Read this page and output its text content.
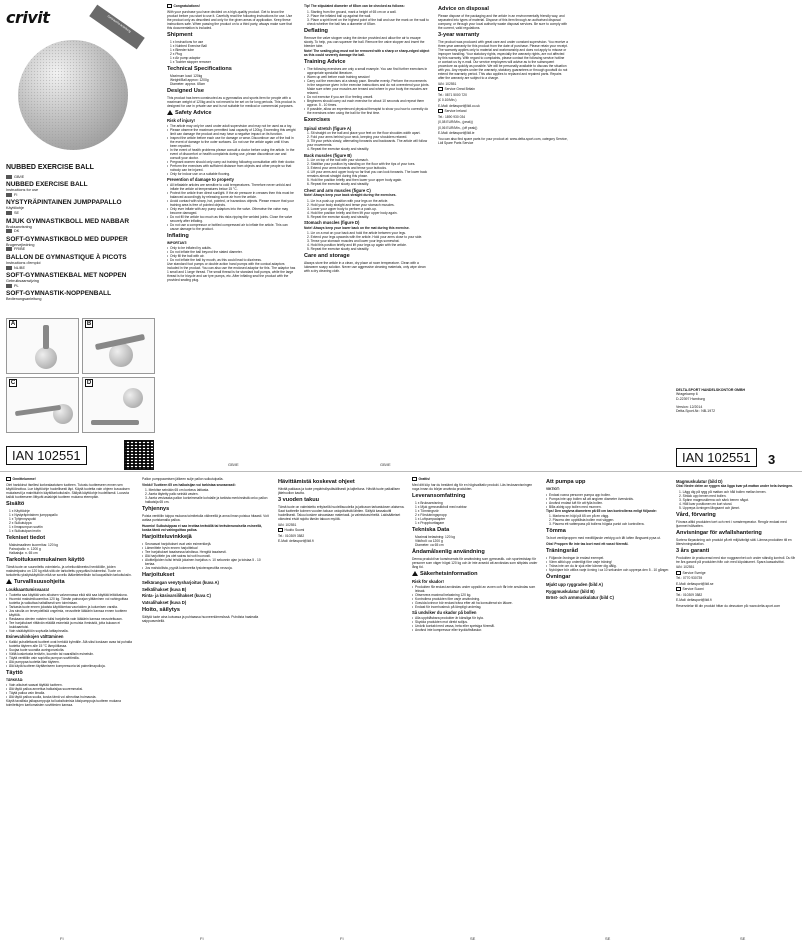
crivit	Gebrauchs-anleitung
NUBBED EXERCISE BALL
GB/IE
NUBBED EXERCISE BALL
Instructions for use
FI
NYSTYRÄPINTAINEN JUMPPAPALLO
Käyttöohje
SE
MJUK GYMNASTIKBOLL MED NABBAR
Bruksanvisning
DK
SOFT-GYMNASTIKBOLD MED DUPPER
Brugervejledning
FR/BE
BALLON DE GYMNASTIQUE À PICOTS
Instructions d'emploi
NL/BE
SOFT-GYMNASTIEKBAL MET NOPPEN
Gebruiksaanwijzing
PL
SOFT-GYMNASTIK-NOPPENBALL
Bedienungsanleitung
A	B
C	D
IAN 102551

Congratulations!

With your purchase you have decided on a high-quality product. Get to know the product before you start to use it. Carefully read the following instructions for use. Use the product only as described and only for the given areas of application. Keep these instructions safe. When passing the product on to a third party, always make sure that this documentation is included.

Shipment
1 x Instructions for use
1 x Nubbed Exercise Ball
1 x Bleeder tube
2 x Plug
1 x Air pump adaptor
1 x Tochter stopper remover
Technical Specifications
Maximum load: 120kg
Weight/Ball approx: 1200g
Diameter: approx. 65cm
Designed Use

This product has been constructed as a gymnastics and sports item for people with a maximum weight of 120kg and is not meant to be set on for long periods. This product is designed for use in private use and is not suitable for medical or commercial purposes.

Safety Advice
Risk of injury!
• The article may only be used under adult supervision and may not be used as a toy.
• Please observe the maximum permitted load capacity of 120kg. Exceeding this weight limit can damage the product and may have a negative impact on its function.
• Inspect the article before each use for damage or wear. Discontinue use of the ball in the event of damage to the outer surfaces. Do not use the article again until it has been repaired.
• In the event of health problems please consult a doctor before using the article. In the event of discomfort or health complaints during use, please discontinue use and consult your doctor.
• Pregnant women should only carry out training following consultation with their doctor.
• Perform the exercises with sufficient distance from objects and other people so that nobody can be injured.
• Only for indoor use on a suitable flooring.
Prevention of damage to property
• All inflatable articles are sensitive to cold temperatures. Therefore never unfold and inflate the article at temperatures below 15 °C.
• Protect the article from direct sunlight. If the air pressure in creases then this must be balanced accordingly by releasing some air from the article.
• Avoid contact with sharp, hot, pointed, or hazardous objects. Please ensure that your training area is free of pointed objects.
• Only ever inflate with any pump adaptors into the valve. Otherwise the valve may become damaged.
• Do not fill the article too much as this risks ripping the welded joints. Close the valve securely after inflating.
• Do not use a compressor or bottled compressed air to inflate the article. This can cause damage to the product.
Inflating

IMPORTANT:

• Only to be inflated by adults.
• Do not inflate the ball beyond the stated diameter.
• Only fill the ball with air.
• Do not inflate the ball by mouth, as this could lead to dizziness.

Use standard foot pumps or double action hand pumps with the conical adaptors included in the product. You can also use the enclosed adaptor for this. The adaptor has 1 small and 1 large thread. The small thread is for standard ball pumps, while the large thread is for bicycle and car tyre pumps, etc. After inflating seal the product with the provided sealing plug.

GB/IE

Tip! The stipulated diameter of 65cm can be checked as follows:

1. Starting from the ground, mark a height of 65 cm on a wall.
2. Place the inflated ball up against the wall.
3. Place a spirit level on the highest point of the ball and use the mark on the wall to check whether the ball has a diameter of 65cm.
Deflating

Remove the valve stopper using the device provided and allow the air to escape slowly. To help, you can squeeze the ball. Remove the valve stopper and insert the bleeder tube.

Note! The sealing plug must not be removed with a sharp or sharp-edged object as this could severely damage the ball.

Training Advice
• The following exercises are only a small example. You can find further exercises in appropriate specialist literature.
• Warm up well before each training session!
• Carry out the exercises at a steady pace. Breathe evenly. Perform the movements in the sequence given in the exercise instructions and do not overextend your joints. Make sure when your muscles are tensed and where in your body the muscles are relaxed.
• Do not exercise if you are ill or feeling unwell.
• Beginners should carry out each exercise for about 10 seconds and repeat them approx. 5 - 10 times.
• If possible, allow an experienced physical therapist to show you how to correctly do the exercises when using the ball for the first time.
Exercises
Spinal stretch (figure A)
1. Sit straight on the ball and place your feet on the floor shoulder-width apart.
2. Fold your arms behind your neck, keeping your shoulders relaxed.
3. Tilt your pelvis slowly, alternating forwards and backwards. The article will follow your movements.
4. Repeat the exercise slowly and steadily.
Back muscles (figure B)
1. Lie on top of the ball with your stomach.
2. Stabilise your position by standing on the floor with the tips of your toes.
3. Extend your arms forwards and tense your buttocks.
4. Lift your arms and upper body so far that you can look forwards. The lower back remains almost straight during this phase.
5. Hold the position briefly and then lower your upper body again.
6. Repeat the exercise slowly and steadily.
Chest and arm muscles (figure C)

Note! Always keep your back straight during the exercises.

1. Lie in a push-up position with your legs on the article.
2. Hold your body straight and tense your stomach muscles.
3. Lower your upper body to perform a push-up.
4. Hold the position briefly and then lift your upper body again.
5. Repeat the exercise slowly and steadily.
Stomach muscles (figure D)

Note! Always keep your lower back on the mat during this exercise.

1. Lie on a mat on your back and hold the article between your legs.
2. Extend your legs upwards with the article. Hold your arms close to your side.
3. Tense your stomach muscles and lower your legs somewhat.
4. Hold this position briefly and lift your legs up again with the article.
5. Repeat the exercise slowly and steadily.
Care and storage

Always store the article in a clean, dry place at room temperature. Clean with a lukewarm soapy solution. Never use aggressive cleaning materials, only wipe clean with a dry cleaning cloth.

GB/IE
Advice on disposal

Please dispose of the packaging and the article in an environmentally friendly way, and separated into types of material. Dispose of this item through an authorised disposal company, or through your local authority waste disposal services. Be sure to comply with the current, valid regulations.

3-year warranty

The product was produced with great care and under constant supervision. You receive a three-year warranty for this product from the date of purchase. Please retain your receipt. The warranty applies only to material and workmanship and does not apply to misuse or improper handling. Your statutory rights, especially the warranty rights, are not affected by this warranty. With regard to complaints, please contact the following service hotline or contact us by e-mail. Our service employees will advise as to the subsequent procedure as quickly as possible. We will be personally available to discuss the situation with you. Any repairs under the warranty, statutory guarantees or through goodwill do not extend the warranty period. This also applies to replaced and repaired parts. Repairs after the warranty are subject to a charge.

IAN: 102551

Service Great Britain

Tel.: 0871 5000 720

(£ 0.10/Min.)

E-Mail: deltasport@lidl.co.uk

Service Ireland

Tel.: 1890 930 034

(0,08 EUR/Min., (peak))

(0,06 EUR/Min., (off peak))

E-Mail: deltasport@lidl.ie

You can also find spare parts for your product at: www.delta-sport.com, category Service, Lidl Spare Parts Service

DELTA-SPORT HANDELSKONTOR GMBH

Wragekamp 6

D-22397 Hamburg

Version: 12/2014

Delta-Sport-Nr.: NB-1972

IAN 102551	3

Onnittelumme!

Olet hankkinut itsellesi korkealaatuisen tuotteen. Tutustu tuotteeseen ennen sen käyttöönottoa. Lue käyttöohje huolellisesti läpi. Käytä tuotetta vain ohjeen kuvauksen mukaisesti ja mainittuihin käyttötarkoituksiin. Säilytä käyttöohje huolellisesti. Luovuta kaikki tuotteeseen liittyvät asiakirjat tuotteen mukana eteenpäin.

Sisältö
1 x Käyttöohje
1 x Nystyräpintainen jumppapallo
1 x Tyhjennysputki
2 x Sulkutulppa
1 x Ilmapumpun sovitin
1 x Sulkutulpan irrotin
Tekniset tiedot
Maksimaalinen kuormitus: 120 kg
Paino/pallo: n. 1200 g
Halkaisija: n. 65 cm
Tarkoituksenmukainen käyttö

Tämä tuote on suunniteltu voimistelu- ja urheiluvälineeksi henkilöille, joiden maksimipaino on 120 kg eikä sitä ole tarkoitettu pysyväksi istuimeksi. Tuote on tarkoitettu yksityiskäyttöön eikä se sovellu lääketieteellisiin tai kaupallisiin tarkoituksiin.

Turvallisuusohjeita
Loukkaantumisvaara!
• Tuotetta saa käyttää vain aikuisen valvonnassa eikä sitä saa käyttää leikkikaluna.
• Huomioi maksimikuormitus 120 kg. Tämän painorajan ylittäminen voi vahingoittaa tuotetta ja vaikuttaa haitallisesti sen toimintaan.
• Tarkasta tuote ennen jokaista käyttökertaa vaurioiden ja kulumisen varalta.
• Jos sinulla on terveydellisiä ongelmia, neuvottele lääkärin kanssa ennen tuotteen käyttöä.
• Raskaana olevien naisten tulisi harjoitella vain lääkärin kanssa neuvoteltuaan.
• Tee harjoitukset riittävän etäällä esineistä ja muista ihmisistä, jotta kukaan ei loukkaantuisi.
• Vain sisäkäyttöön sopivalla lattiapinnalla.
Esinevahinkojen välttäminen
• Kaikki puhallettavat tuotteet ovat herkkiä kylmälle. Älä siksi koskaan avaa tai puhalla tuotetta täyteen alle 15 °C lämpötilassa.
• Suojaa tuote suoralta auringonvalolta.
• Vältä kosketusta teräviin, kuumiin tai vaarallisiin esineisiin.
• Täytä venttiilin vain sopivilla pumpun sovittimilla.
• Älä pumppaa tuotetta liian täyteen.
• Älä käytä tuotteen täyttämiseen kompressoria tai paineilmapulloja.
Täyttö

TÄRKEÄÄ:

• Vain aikuiset saavat täyttää tuotteen.
• Älä täytä palloa annettua halkaisijaa suuremmaksi.
• Täytä palloa vain ilmalla.
• Älä täytä palloa suulla, koska tämä voi aiheuttaa huimausta.

Käytä tavallisia jalkapumppuja tai kaksitoimisia käsipumppuja tuotteen mukana toimitettujen kartiomaisten sovittimien kanssa.

FI

Pallon pumppaamisen jälkeen sulje pallon sulkutulpalla.

Vinkki! Tuotteen 65 cm halkaisijan voi tarkistaa seuraavasti:

1. Merkitse seinään 65 cm korkeus lattiasta.
2. Aseta täytetty pallo seinää vasten.
3. Aseta vesivaaka pallon korkeimmalle kohdalle ja tarkista merkinnästä onko pallon halkaisija 65 cm.
Tyhjennys

Poista venttiilin tulppa mukana toimitetulla välineellä ja anna ilman poistua hitaasti. Voit auttaa puristamalla palloa.

Huomio! Sulkutulppaa ei saa irrottaa terävällä tai teräväreunaisella esineellä, koska tämä voi vahingoittaa palloa.

Harjoitteluvinkkejä
• Seuraavat harjoitukset ovat vain esimerkkejä.
• Lämmittele hyvin ennen harjoittelua!
• Tee harjoitukset tasaisessa tahdissa. Hengitä tasaisesti.
• Älä harjoittele jos olet sairas tai voit huonosti.
• Aloittelijoiden tulisi tehdä jokainen harjoitus n. 10 sekunnin ajan ja toistaa 5 - 10 kertaa.
• Jos mahdollista, pyydä kokeneelta fysioterapeutilta neuvoja.
Harjoitukset
Selkärangan venytysharjoitus (kuva A)
Selkälihakset (kuva B)
Rinta- ja käsivarsilihakset (kuva C)
Vatsalihakset (kuva D)
Hoito, säilytys

Säilytä tuote aina kuivassa ja puhtaassa huoneenlämmössä. Puhdista haalealla saippuavedellä.

FI
Hävittämistä koskevat ohjeet

Hävitä pakkaus ja tuote ympäristöystävällisesti ja lajiteltuna. Hävitä tuote paikallisen jätehuollon kautta.

3 vuoden takuu

Tämä tuote on valmistettu erityisellä huolellisuudella ja jatkuvan tarkastuksen alaisena. Saat tuotteelle kolmen vuoden takuun ostopäivästä lähtien. Säilytä kassakuitti huolellisesti. Takuu koskee ainoastaan materiaali- ja valmistusvirheitä. Lakisääteiset oikeutesi eivät rajoitu tämän takuun myötä.

IAN: 102551

Huolto Suomi

Tel.: 010309 3582

E-Mail: deltasport@lidl.fi

FI

Grattis!

Med ditt köp har du bestämt dig för en högkvalitativ produkt. Läs bruksanvisningen noga innan du börjar använda produkten.

Leveransomfattning
1 x Bruksanvisning
1 x Mjuk gymnastikboll med nabbar
1 x Tömningsrör
2 x Förslutningspropp
1 x Luftpumpadapter
1 x Proppborttagare
Tekniska Data
Maximal belastning: 120 kg
Vikt/boll: ca 1200 g
Diameter: ca 65 cm
Ändamålsenlig användning

Denna produkt har konstruerats för användning som gymnastik- och sportredskap för personer som väger högst 120 kg och är inte avsedd att användas som sittplats under lång tid.

Säkerhetsinformation
Risk för skador!
• Produkten får endast användas under uppsikt av vuxen och får inte användas som leksak.
• Observera maximal belastning 120 kg.
• Kontrollera produkten före varje användning.
• Gravida kvinnor bör endast träna efter att ha konsulterat sin läkare.
• Endast för inomhusbruk på lämpligt underlag.
Så undviker du skador på bollen
• Alla uppblåsbara produkter är känsliga för kyla.
• Skydda produkten mot direkt solljus.
• Undvik kontakt med vassa, heta eller spetsiga föremål.
• Använd inte kompressor eller tryckluftsflaskor.
SE
Att pumpa upp

VIKTIGT:

• Endast vuxna personer pumpa upp bollen.
• Pumpa inte upp bollen så att angiven diameter överskrids.
• Använd endast luft för att fylla bollen.
• Blås aldrig upp bollen med munnen.

Tips! Den angivna diametern på 65 cm kan kontrolleras enligt följande:

1. Markera en höjd på 65 cm på en vägg.
2. Placera den uppblåsta bollen mot väggen.
3. Placera ett vattenpass på bollens högsta punkt och kontrollera.
Tömma

Ta bort ventilproppen med medföljande verktyg och låt luften långsamt pysa ut.

Obs! Proppen får inte tas bort med ett vasst föremål.

Träningsråd
• Följande övningar är endast exempel.
• Värm alltid upp ordentligt före varje träning!
• Träna inte om du är sjuk eller känner dig dålig.
• Nybörjare bör utföra varje övning i ca 10 sekunder och upprepa den 5 - 10 gånger.
Övningar
Mjukt upp ryggraden (bild A)
Ryggmuskulatur (bild B)
Bröst- och armmuskulatur (bild C)
SE
Magmuskulatur (bild D)

Obs! Nedre delen av ryggen ska ligga kvar på mattan under hela övningen.

1. Lägg dig på rygg på mattan och håll bollen mellan benen.
2. Sträck upp benen med bollen.
3. Spänn magmusklerna och sänk benen något.
4. Håll kvar positionen en kort stund.
5. Upprepa övningen långsamt och jämnt.
Vård, förvaring

Förvara alltid produkten torrt och rent i rumstemperatur. Rengör endast med ljummet tvålvatten.

Anvisningar för avfallshantering

Sortera förpackning och produkt på ett miljövänligt sätt. Lämna produkten till en återvinningsstation.

3 års garanti

Produkten är producerad med stor noggrannhet och under ständig kontroll. Du får tre års garanti på produkten från och med köpdatumet. Spara kassakvittot.

IAN: 102551

Service Sverige

Tel.: 0770 930739

E-Mail: deltasport@lidl.se

Service Suomi

Tel.: 010309 3582

E-Mail: deltasport@lidl.fi

Reservdelar till din produkt hittar du dessutom på: www.delta-sport.com

SE
